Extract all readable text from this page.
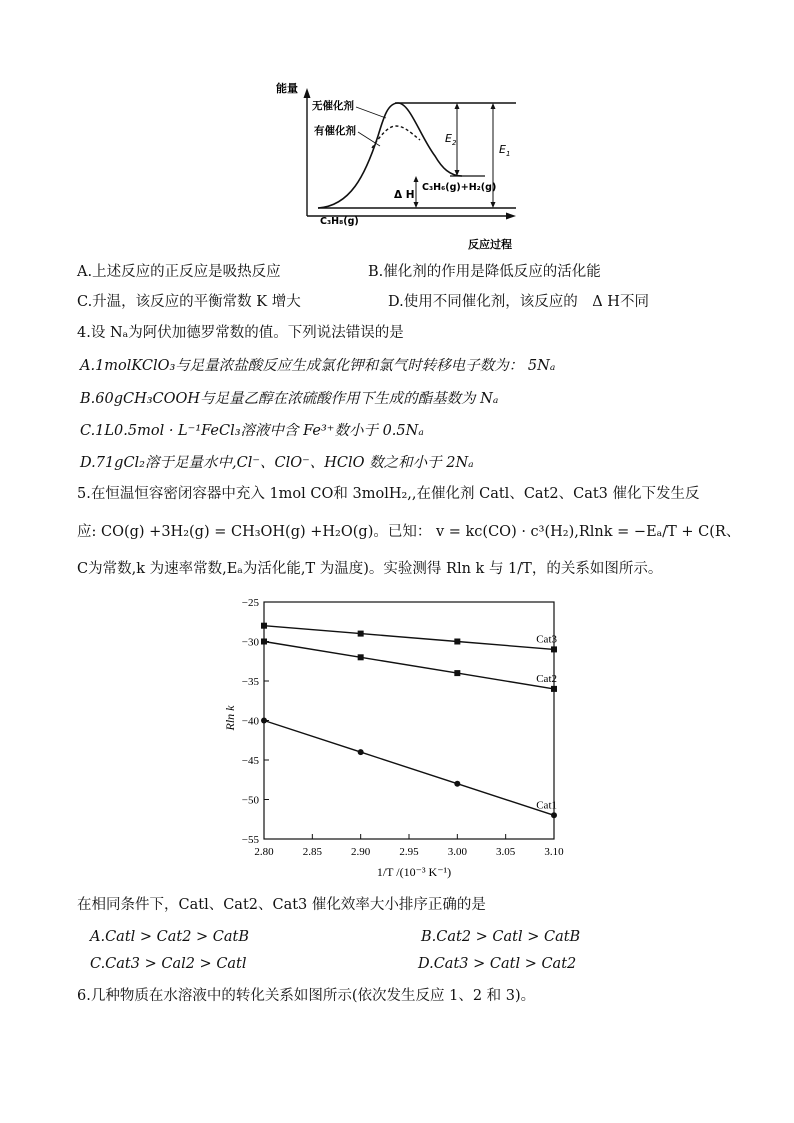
能量
反应过程
无催化剂
有催化剂
$E_2$	$E_1$
Δ H
C₃H₆(g)+H₂(g)
C₃H₈(g)
A.上述反应的正反应是吸热反应	B.催化剂的作用是降低反应的活化能
C.升温，该反应的平衡常数 K 增大	D.使用不同催化剂，该反应的　Δ H不同
4.设 Nₐ为阿伏加德罗常数的值。下列说法错误的是
A.1molKClO₃与足量浓盐酸反应生成氯化钾和氯气时转移电子数为： 5Nₐ
B.60gCH₃COOH与足量乙醇在浓硫酸作用下生成的酯基数为 Nₐ
C.1L0.5mol · L⁻¹FeCl₃溶液中含 Fe³⁺数小于 0.5Nₐ
D.71gCl₂溶于足量水中,Cl⁻、ClO⁻、HClO 数之和小于 2Nₐ
5.在恒温恒容密闭容器中充入 1mol CO和 3molH₂,,在催化剂 Catl、Cat2、Cat3 催化下发生反
应: CO(g) +3H₂(g) = CH₃OH(g) +H₂O(g)。已知： v = kc(CO) · c³(H₂),Rlnk = −Eₐ/T + C(R、
C为常数,k 为速率常数,Eₐ为活化能,T 为温度)。实验测得 Rln k 与 1/T，的关系如图所示。
−25
−30
−35
−40
−45
−50
−55
2.80	2.85	2.90	2.95	3.00	3.05	3.10
Cat3
Cat2
Cat1
Rln k
1/T /(10⁻³ K⁻¹)
在相同条件下，Catl、Cat2、Cat3 催化效率大小排序正确的是
A.Catl > Cat2 > CatB	B.Cat2 > Catl > CatB
C.Cat3 > Cal2 > Catl	D.Cat3 > Catl > Cat2
6.几种物质在水溶液中的转化关系如图所示(依次发生反应 1、2 和 3)。
